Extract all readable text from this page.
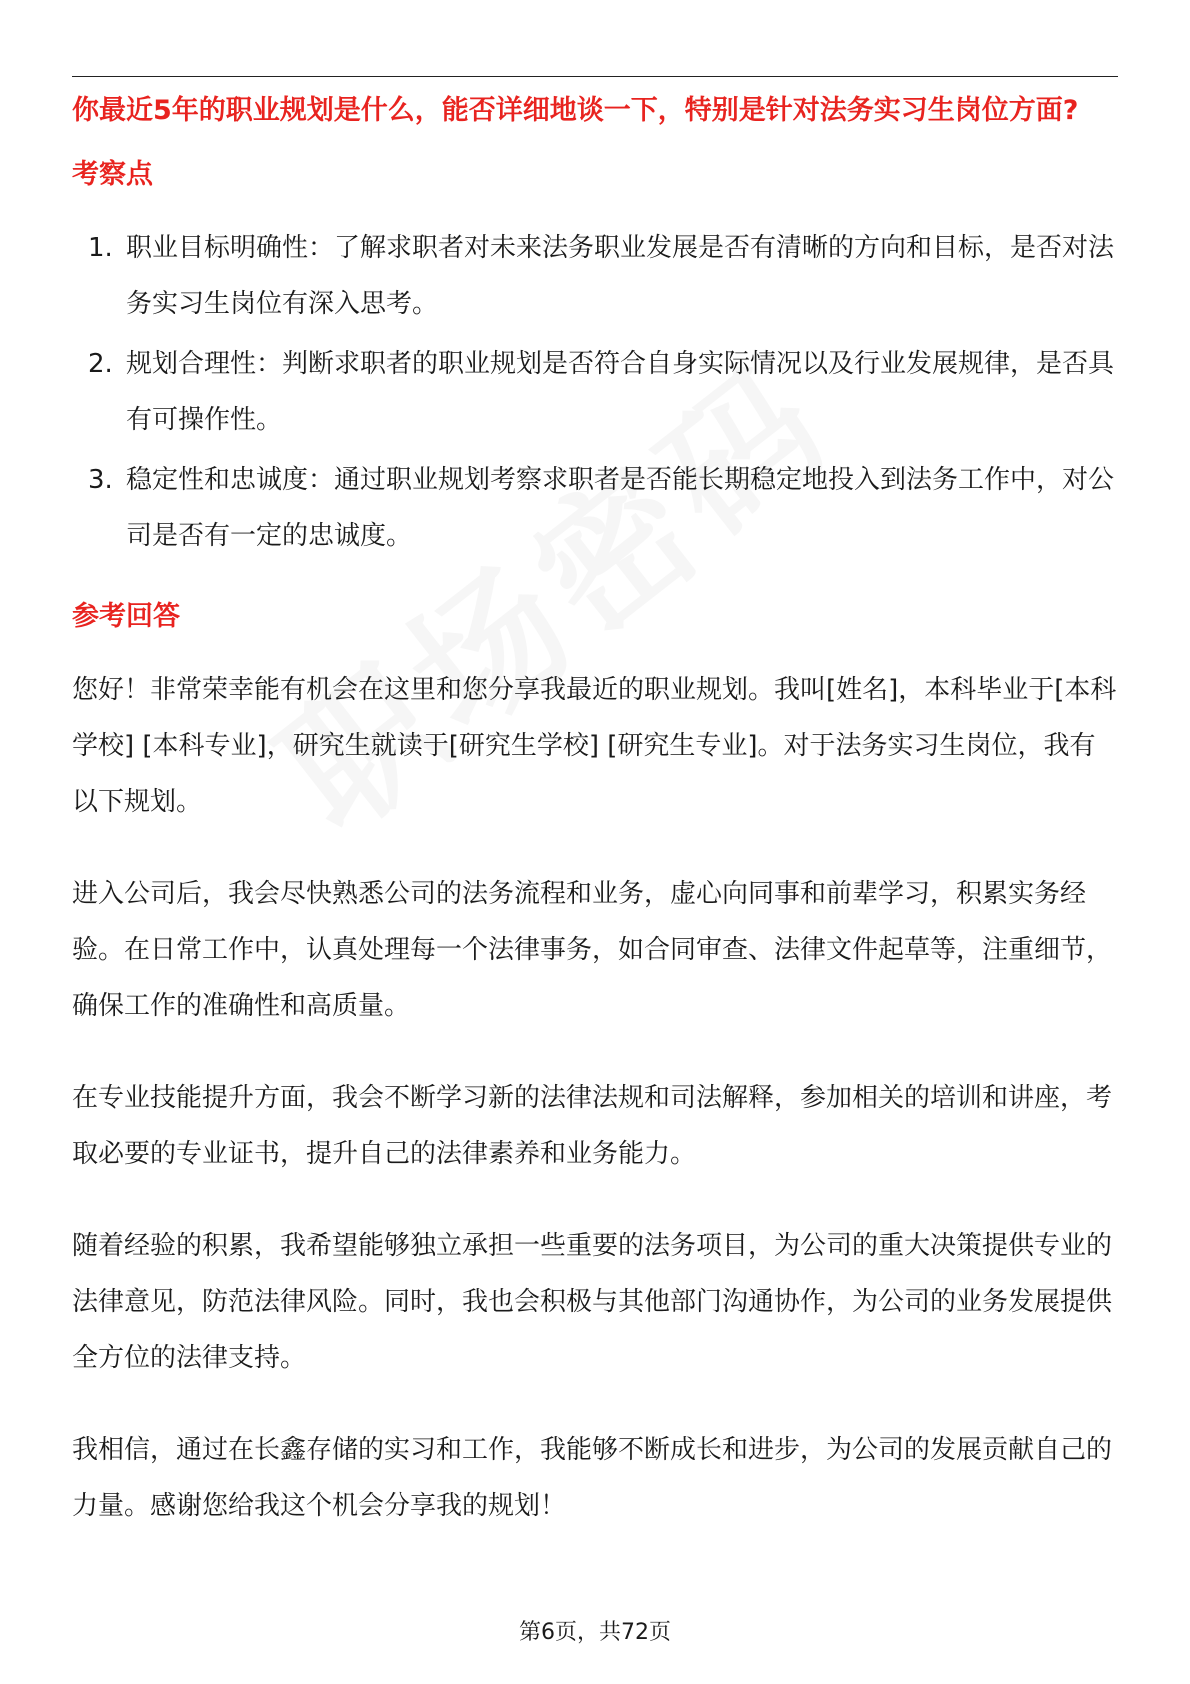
你最近5年的职业规划是什么，能否详细地谈一下，特别是针对法务实习生岗位方面?

考察点
1. 职业目标明确性：了解求职者对未来法务职业发展是否有清晰的方向和目标，是否对法务实习生岗位有深入思考。
2. 规划合理性：判断求职者的职业规划是否符合自身实际情况以及行业发展规律，是否具有可操作性。
3. 稳定性和忠诚度：通过职业规划考察求职者是否能长期稳定地投入到法务工作中，对公司是否有一定的忠诚度。
参考回答

您好！非常荣幸能有机会在这里和您分享我最近的职业规划。我叫[姓名]，本科毕业于[本科学校] [本科专业]，研究生就读于[研究生学校] [研究生专业]。对于法务实习生岗位，我有以下规划。

进入公司后，我会尽快熟悉公司的法务流程和业务，虚心向同事和前辈学习，积累实务经验。在日常工作中，认真处理每一个法律事务，如合同审查、法律文件起草等，注重细节，确保工作的准确性和高质量。

在专业技能提升方面，我会不断学习新的法律法规和司法解释，参加相关的培训和讲座，考取必要的专业证书，提升自己的法律素养和业务能力。

随着经验的积累，我希望能够独立承担一些重要的法务项目，为公司的重大决策提供专业的法律意见，防范法律风险。同时，我也会积极与其他部门沟通协作，为公司的业务发展提供全方位的法律支持。

我相信，通过在长鑫存储的实习和工作，我能够不断成长和进步，为公司的发展贡献自己的力量。感谢您给我这个机会分享我的规划！

第6页，共72页
